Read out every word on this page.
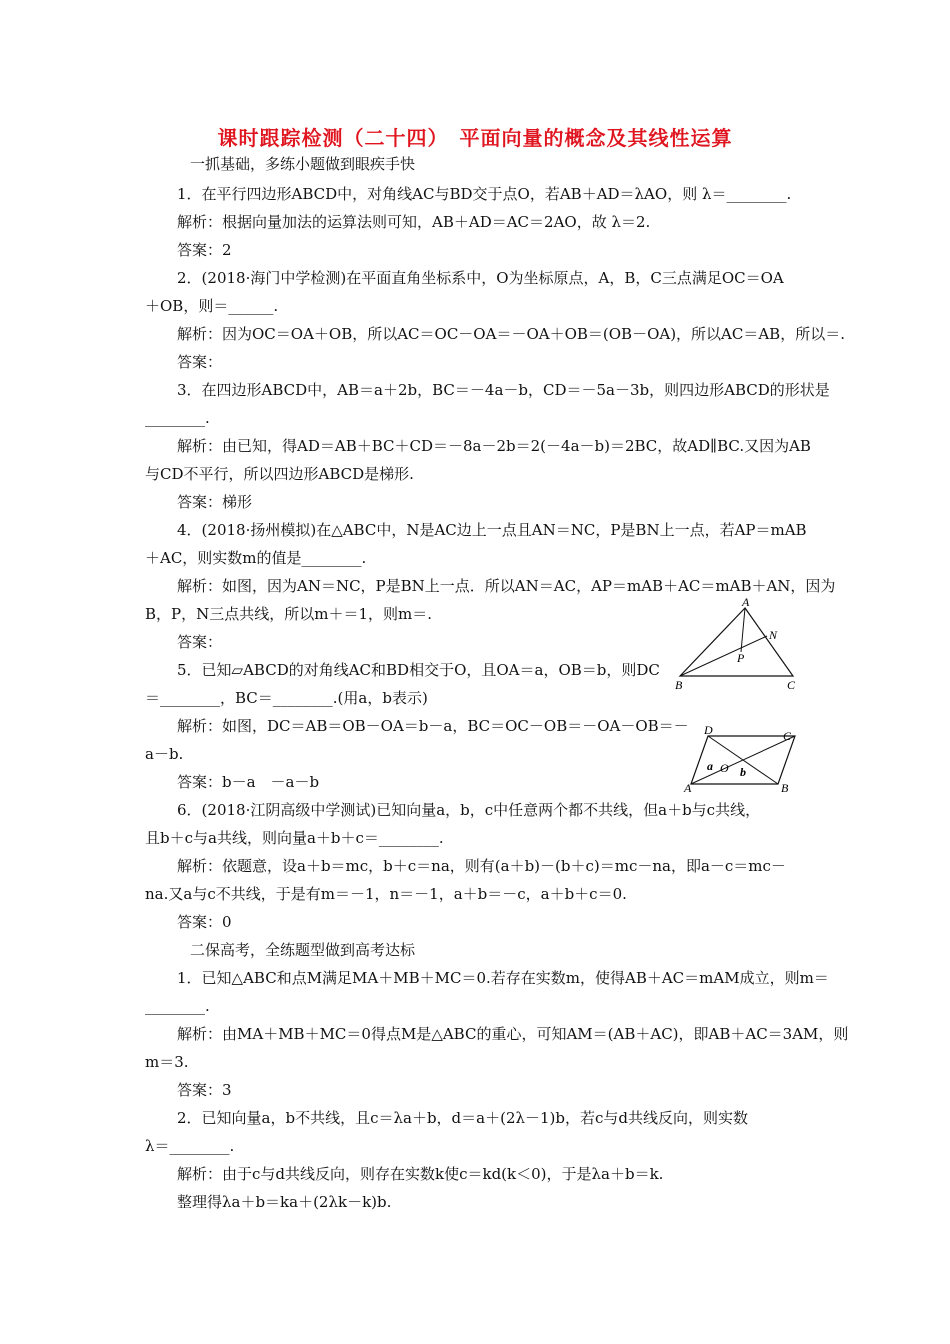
课时跟踪检测（二十四）　平面向量的概念及其线性运算
一抓基础，多练小题做到眼疾手快
1．在平行四边形ABCD中，对角线AC与BD交于点O，若AB＋AD＝λAO，则 λ＝________.
解析：根据向量加法的运算法则可知，AB＋AD＝AC＝2AO，故 λ＝2.
答案：2
2．(2018·海门中学检测)在平面直角坐标系中，O为坐标原点，A，B，C三点满足OC＝OA
＋OB，则＝______.
解析：因为OC＝OA＋OB，所以AC＝OC－OA＝－OA＋OB＝(OB－OA)，所以AC＝AB，所以＝.
答案：
3．在四边形ABCD中，AB＝a＋2b，BC＝－4a－b，CD＝－5a－3b，则四边形ABCD的形状是
________.
解析：由已知，得AD＝AB＋BC＋CD＝－8a－2b＝2(－4a－b)＝2BC，故AD∥BC.又因为AB
与CD不平行，所以四边形ABCD是梯形.
答案：梯形
4．(2018·扬州模拟)在△ABC中，N是AC边上一点且AN＝NC，P是BN上一点，若AP＝mAB
＋AC，则实数m的值是________.
解析：如图，因为AN＝NC，P是BN上一点．所以AN＝AC，AP＝mAB＋AC＝mAB＋AN，因为
B，P，N三点共线，所以m＋＝1，则m＝.
答案：
5．已知▱ABCD的对角线AC和BD相交于O，且OA＝a，OB＝b，则DC
＝________，BC＝________.(用a，b表示)
解析：如图，DC＝AB＝OB－OA＝b－a，BC＝OC－OB＝－OA－OB＝－
a－b.
答案：b－a　－a－b
6．(2018·江阴高级中学测试)已知向量a，b，c中任意两个都不共线，但a＋b与c共线，
且b＋c与a共线，则向量a＋b＋c＝________.
解析：依题意，设a＋b＝mc，b＋c＝na，则有(a＋b)－(b＋c)＝mc－na，即a－c＝mc－
na.又a与c不共线，于是有m＝－1，n＝－1，a＋b＝－c，a＋b＋c＝0.
答案：0
二保高考，全练题型做到高考达标
1．已知△ABC和点M满足MA＋MB＋MC＝0.若存在实数m，使得AB＋AC＝mAM成立，则m＝
________.
解析：由MA＋MB＋MC＝0得点M是△ABC的重心，可知AM＝(AB＋AC)，即AB＋AC＝3AM，则
m＝3.
答案：3
2．已知向量a，b不共线，且c＝λa＋b，d＝a＋(2λ－1)b，若c与d共线反向，则实数
λ＝________.
解析：由于c与d共线反向，则存在实数k使c＝kd(k＜0)，于是λa＋b＝k.
整理得λa＋b＝ka＋(2λk－k)b.
A
N
P
B	C
D	C
A	B
O
a b
